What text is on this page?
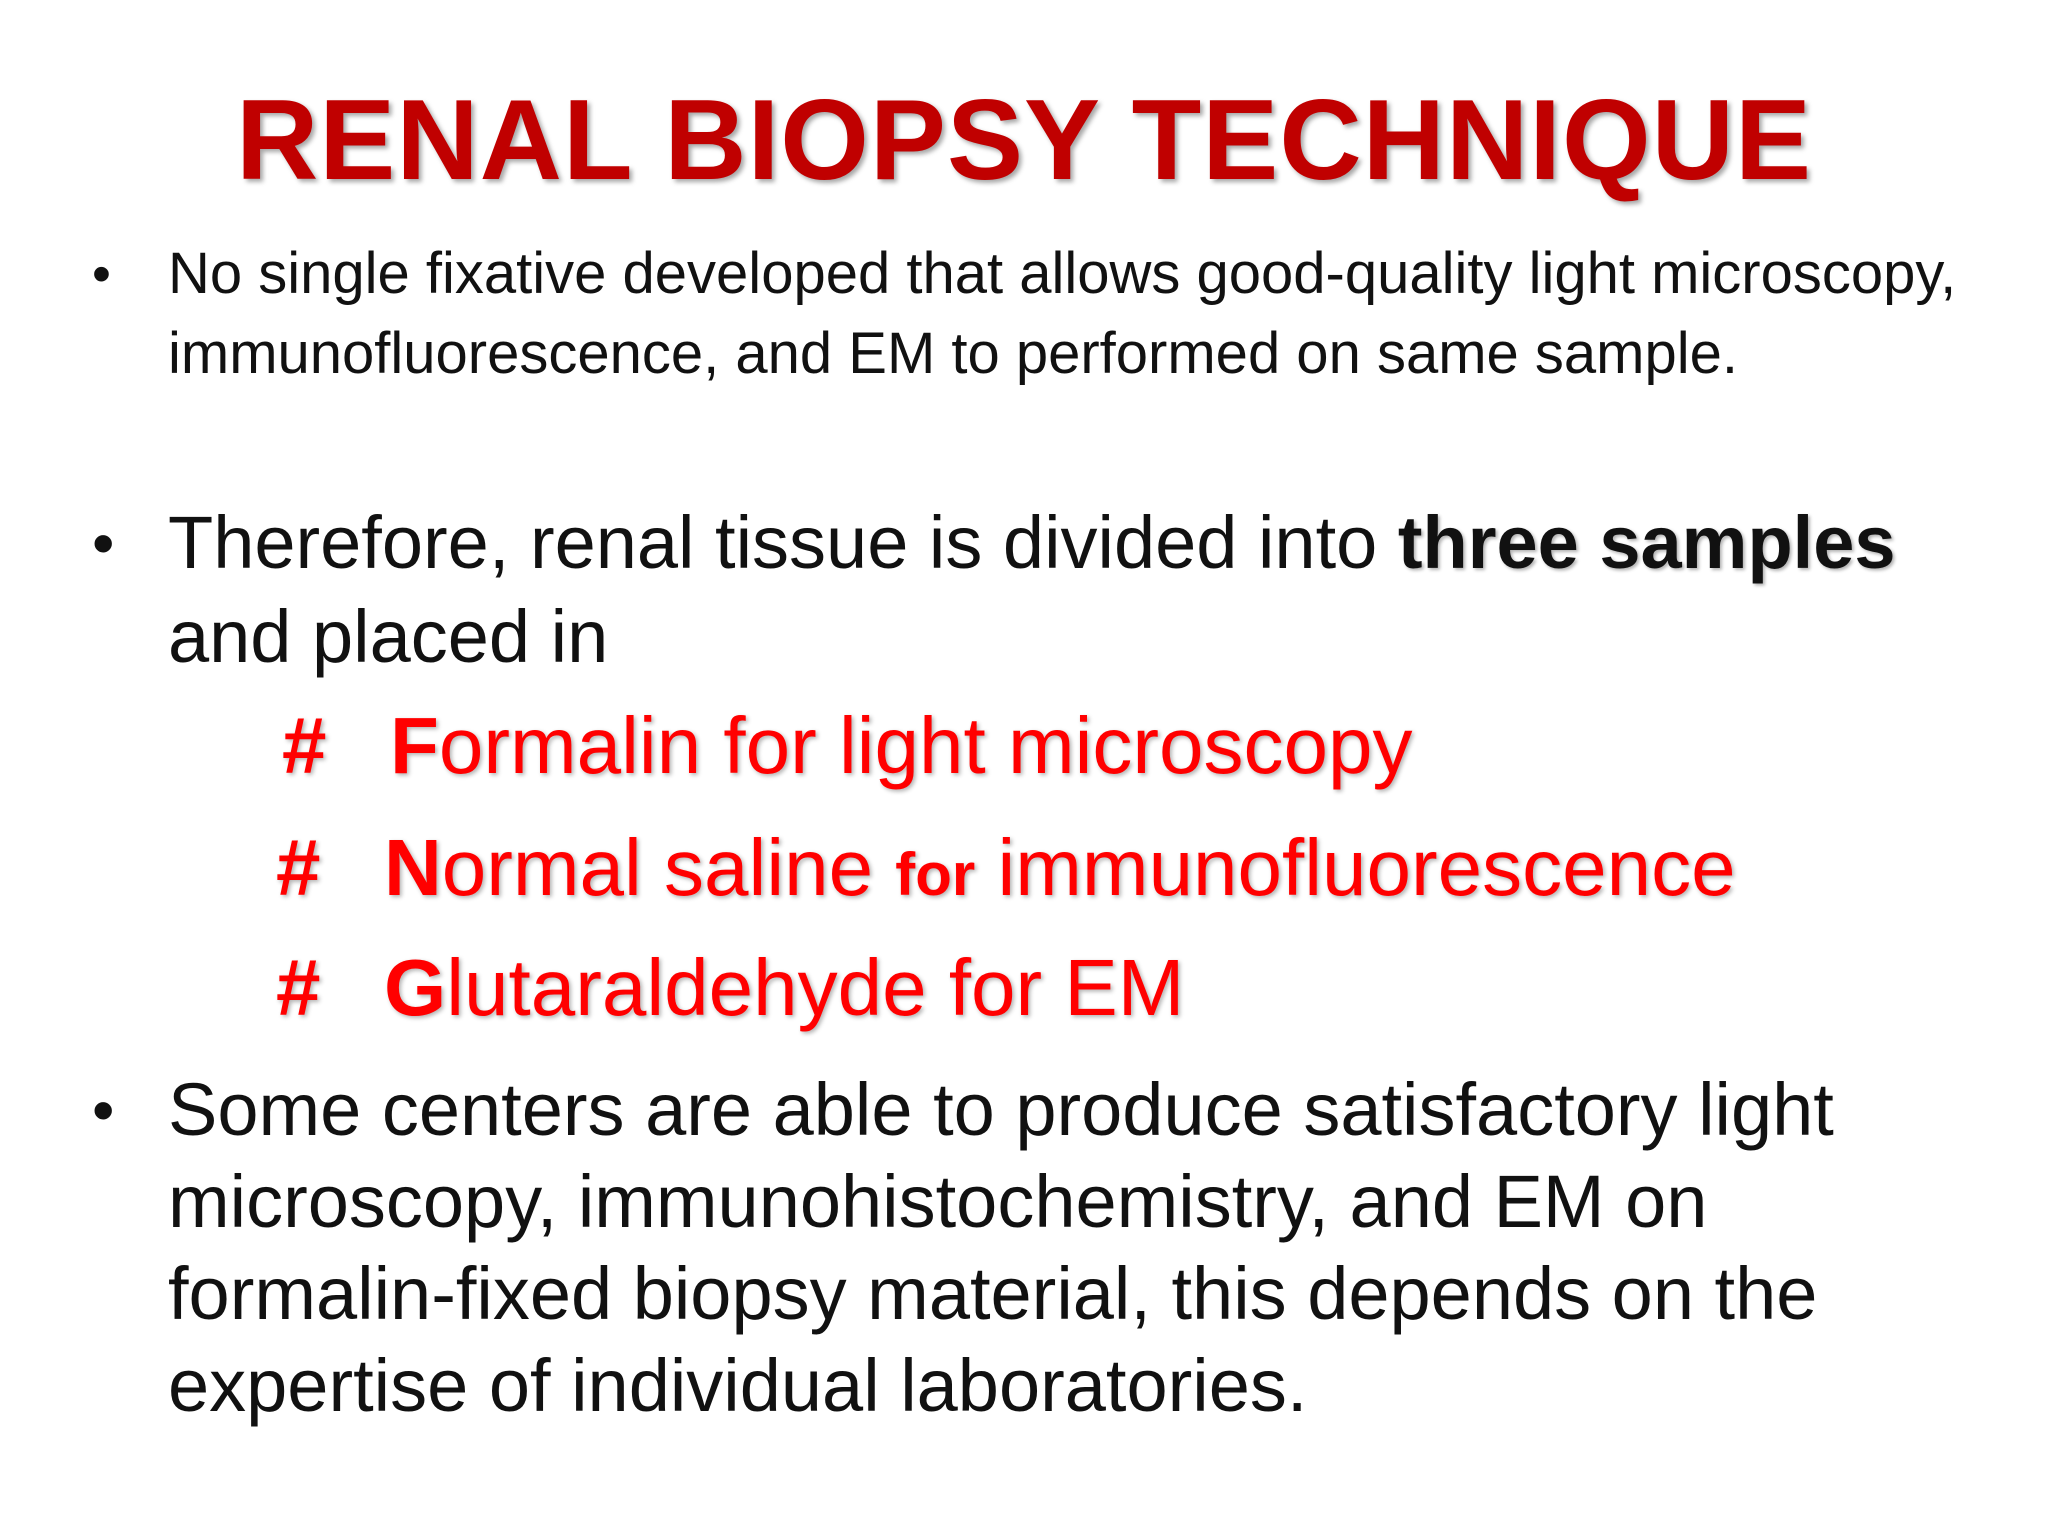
RENAL BIOPSY TECHNIQUE
• No single fixative developed that allows good-quality light microscopy, immunofluorescence, and EM to performed on same sample.
• Therefore, renal tissue is divided into three samples and placed in
# Formalin for light microscopy
# Normal saline for immunofluorescence
# Glutaraldehyde for EM
• Some centers are able to produce satisfactory light microscopy, immunohistochemistry, and EM on formalin-fixed biopsy material, this depends on the expertise of individual laboratories.
